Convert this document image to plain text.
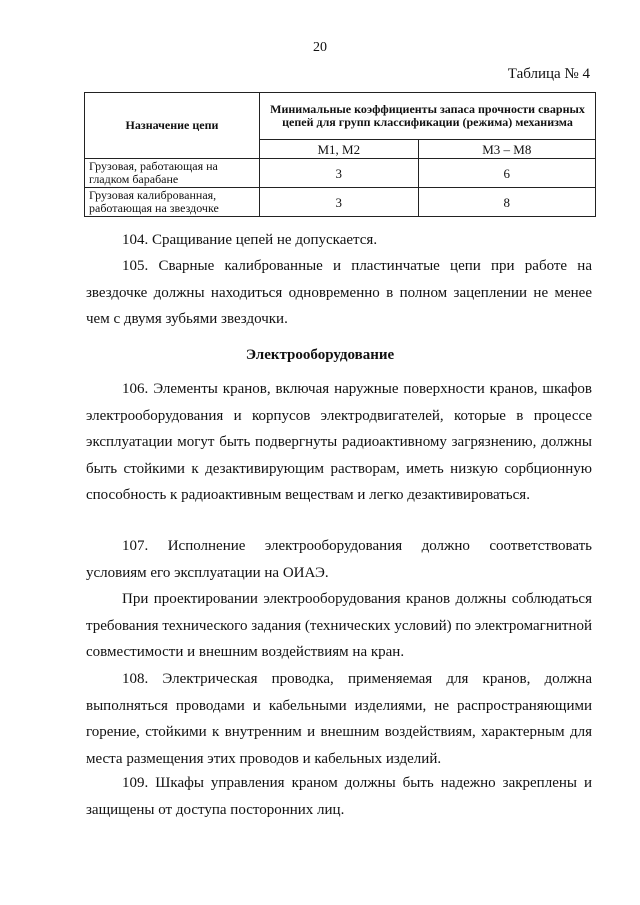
20
Таблица № 4
Назначение цепи	Минимальные коэффициенты запаса прочности сварных цепей для групп классификации (режима) механизма	
	М1, М2	М3 – М8
Грузовая, работающая на гладком барабане	3	6
Грузовая калиброванная, работающая на звездочке	3	8

104. Сращивание цепей не допускается.

105. Сварные калиброванные и пластинчатые цепи при работе на звездочке должны находиться одновременно в полном зацеплении не менее чем с двумя зубьями звездочки.

Электрооборудование

106. Элементы кранов, включая наружные поверхности кранов, шкафов электрооборудования и корпусов электродвигателей, которые в процессе эксплуатации могут быть подвергнуты радиоактивному загрязнению, должны быть стойкими к дезактивирующим растворам, иметь низкую сорбционную способность к радиоактивным веществам и легко дезактивироваться.

107. Исполнение электрооборудования должно соответствовать условиям его эксплуатации на ОИАЭ.

При проектировании электрооборудования кранов должны соблюдаться требования технического задания (технических условий) по электромагнитной совместимости и внешним воздействиям на кран.

108. Электрическая проводка, применяемая для кранов, должна выполняться проводами и кабельными изделиями, не распространяющими горение, стойкими к внутренним и внешним воздействиям, характерным для места размещения этих проводов и кабельных изделий.

109. Шкафы управления краном должны быть надежно закреплены и защищены от доступа посторонних лиц.
